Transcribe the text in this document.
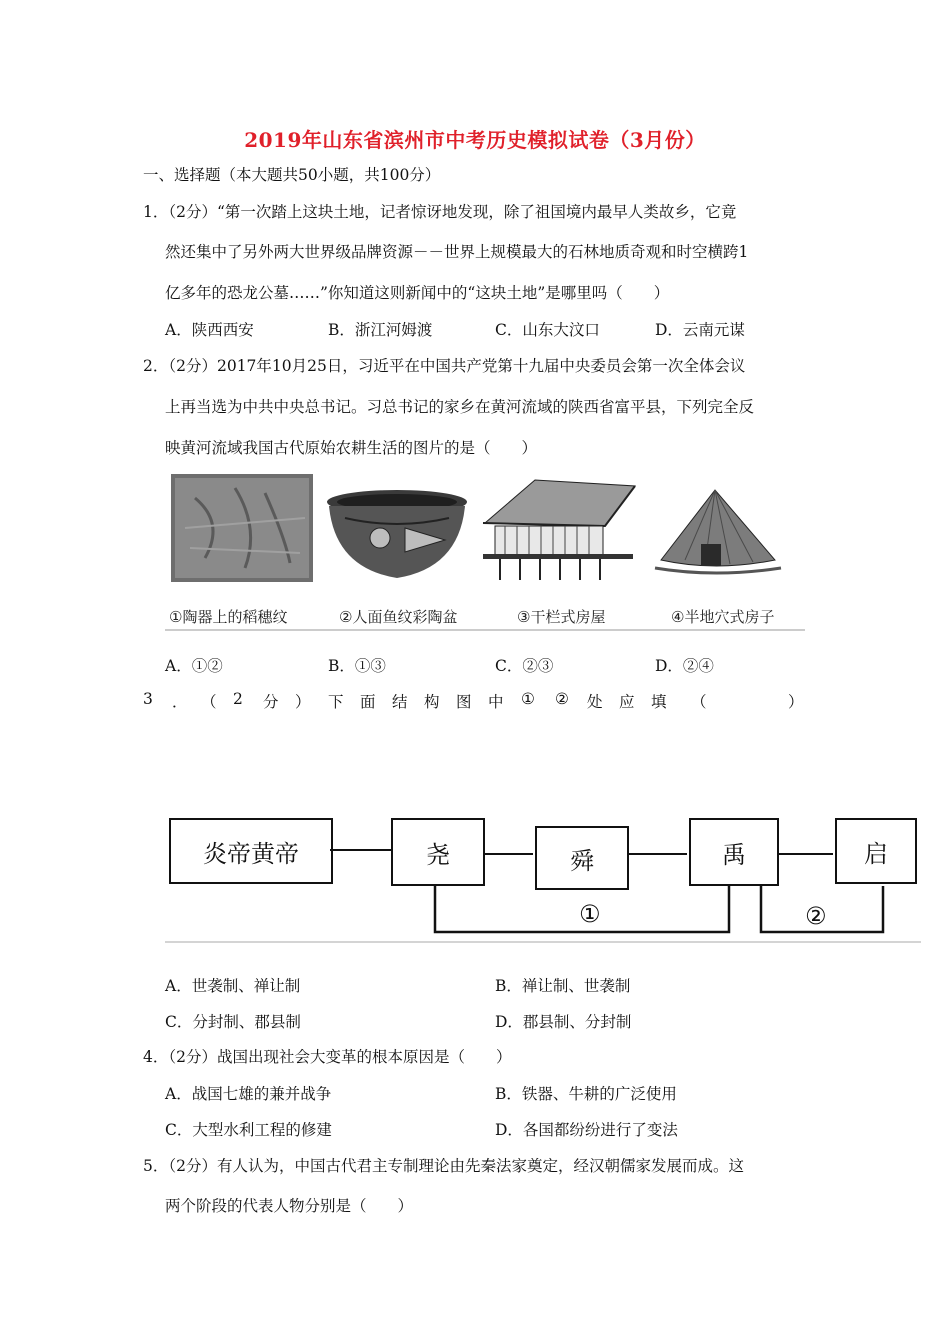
2019年山东省滨州市中考历史模拟试卷（3月份）
一、选择题（本大题共50小题，共100分）
1．（2分）“第一次踏上这块土地，记者惊讶地发现，除了祖国境内最早人类故乡，它竟
然还集中了另外两大世界级品牌资源－－世界上规模最大的石林地质奇观和时空横跨1
亿多年的恐龙公墓……”你知道这则新闻中的“这块土地”是哪里吗（　　）
A．陕西西安	B．浙江河姆渡	C．山东大汶口	D．云南元谋
2．（2分）2017年10月25日，习近平在中国共产党第十九届中央委员会第一次全体会议
上再当选为中共中央总书记。习总书记的家乡在黄河流域的陕西省富平县，下列完全反
映黄河流域我国古代原始农耕生活的图片的是（　　）
①陶器上的稻穗纹	②人面鱼纹彩陶盆	③干栏式房屋	④半地穴式房子
A．①②	B．①③	C．②③	D．②④
3 ． （ 2 分 ） 下 面 结 构 图 中 ① ② 处 应 填 （	）
炎帝黄帝	尧	舜	禹	启
①	②
A．世袭制、禅让制	B．禅让制、世袭制
C．分封制、郡县制	D．郡县制、分封制
4．（2分）战国出现社会大变革的根本原因是（　　）
A．战国七雄的兼并战争	B．铁器、牛耕的广泛使用
C．大型水利工程的修建	D．各国都纷纷进行了变法
5．（2分）有人认为，中国古代君主专制理论由先秦法家奠定，经汉朝儒家发展而成。这
两个阶段的代表人物分别是（　　）
